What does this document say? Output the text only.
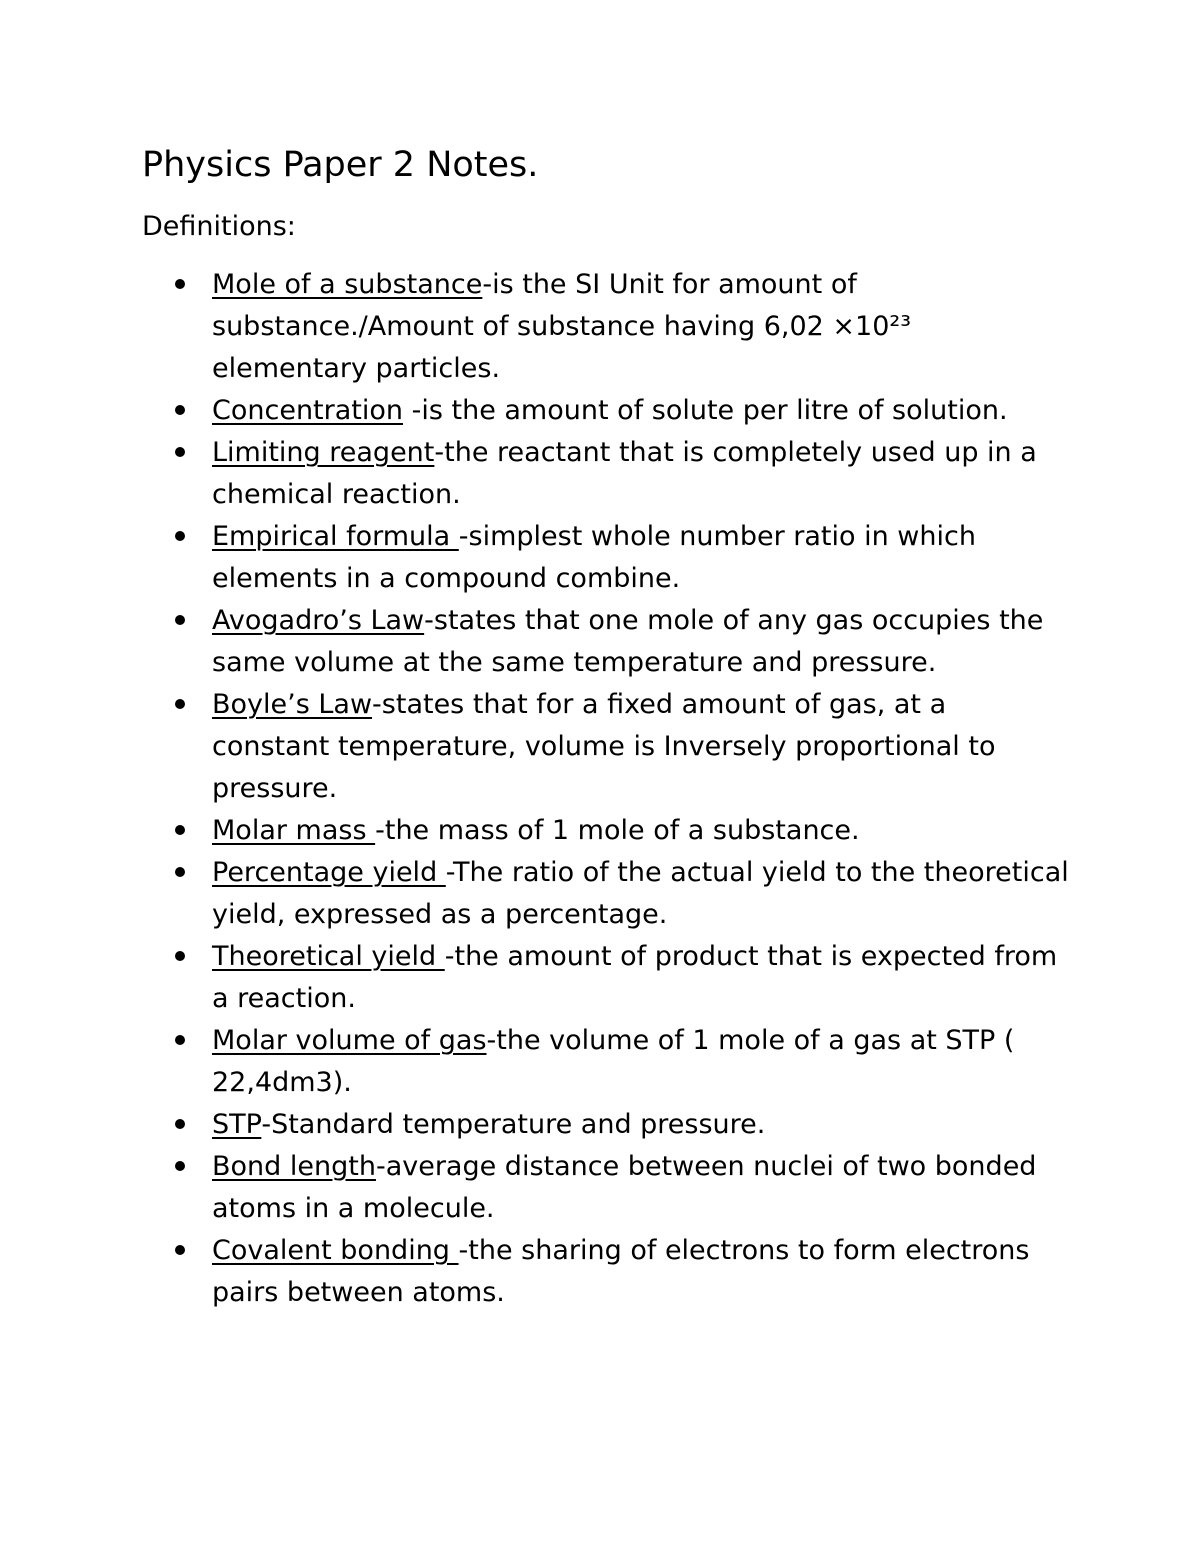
Physics Paper 2 Notes.

Definitions:

Mole of a substance-is the SI Unit for amount of substance./Amount of substance having 6,02 ×10²³ elementary particles.
Concentration -is the amount of solute per litre of solution.
Limiting reagent-the reactant that is completely used up in a chemical reaction.
Empirical formula -simplest whole number ratio in which elements in a compound combine.
Avogadro’s Law-states that one mole of any gas occupies the same volume at the same temperature and pressure.
Boyle’s Law-states that for a fixed amount of gas, at a constant temperature, volume is Inversely proportional to pressure.
Molar mass -the mass of 1 mole of a substance.
Percentage yield -The ratio of the actual yield to the theoretical yield, expressed as a percentage.
Theoretical yield -the amount of product that is expected from a reaction.
Molar volume of gas-the volume of 1 mole of a gas at STP ( 22,4dm3).
STP-Standard temperature and pressure.
Bond length-average distance between nuclei of two bonded atoms in a molecule.
Covalent bonding -the sharing of electrons to form electrons pairs between atoms.
